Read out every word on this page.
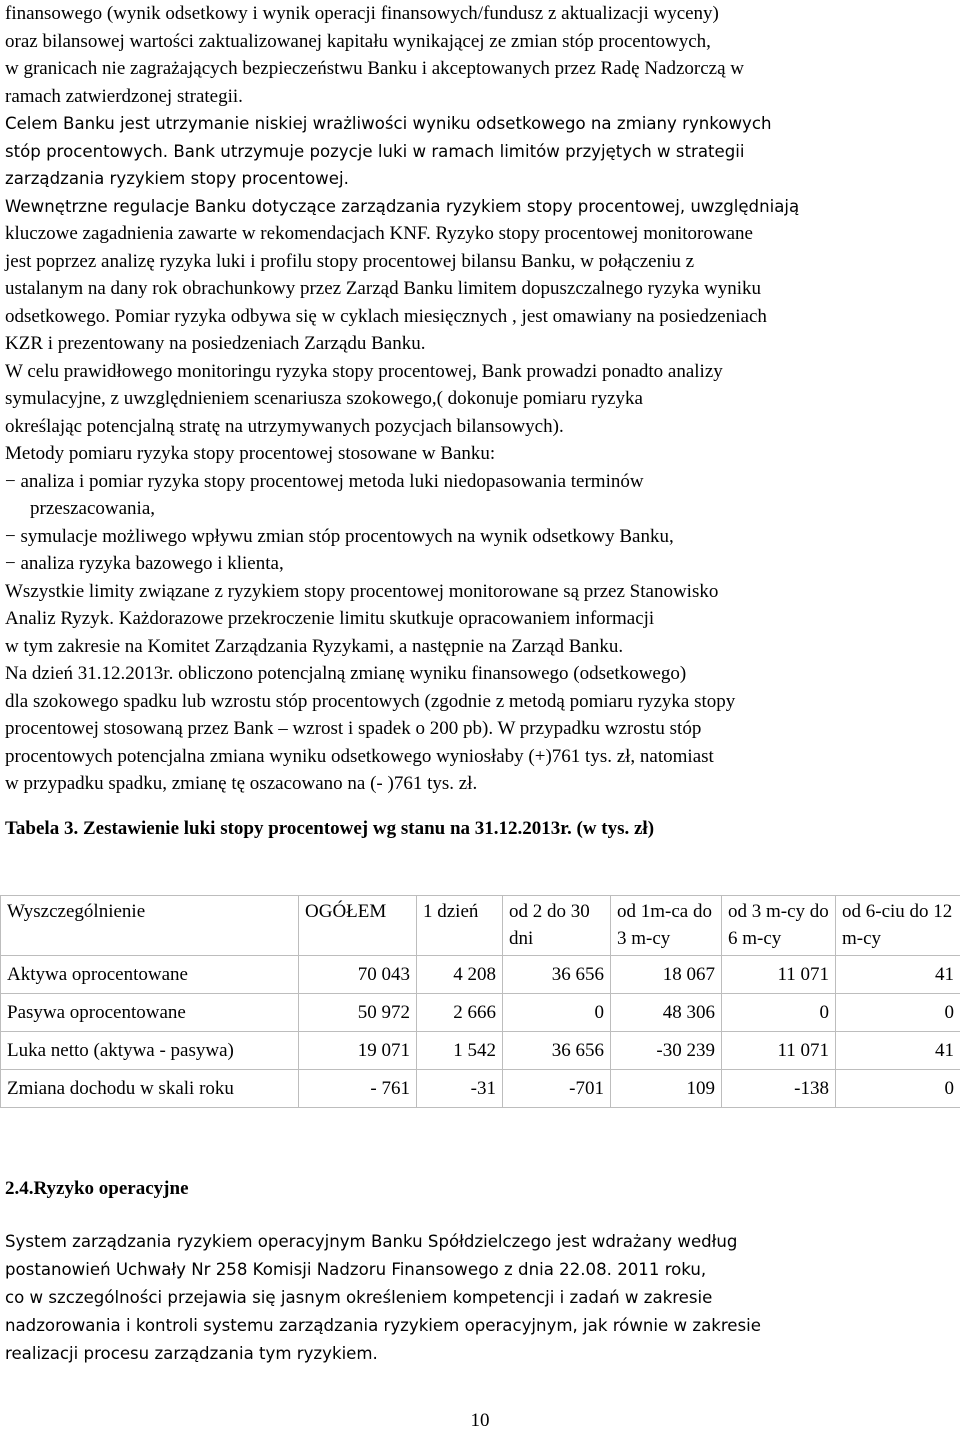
finansowego (wynik odsetkowy i wynik operacji finansowych/fundusz z aktualizacji wyceny)
oraz bilansowej wartości zaktualizowanej kapitału wynikającej ze zmian stóp procentowych,
w granicach nie zagrażających bezpieczeństwu Banku i akceptowanych przez Radę Nadzorczą w
ramach zatwierdzonej strategii.
Celem Banku jest utrzymanie niskiej wrażliwości wyniku odsetkowego na zmiany rynkowych
stóp procentowych. Bank utrzymuje pozycje luki w ramach limitów przyjętych w strategii
zarządzania ryzykiem stopy procentowej.
Wewnętrzne regulacje Banku dotyczące zarządzania ryzykiem stopy procentowej, uwzględniają
kluczowe zagadnienia zawarte w rekomendacjach KNF. Ryzyko stopy procentowej monitorowane
jest poprzez analizę ryzyka luki i profilu stopy procentowej bilansu Banku, w połączeniu z
ustalanym na dany rok obrachunkowy przez Zarząd Banku limitem dopuszczalnego ryzyka wyniku
odsetkowego. Pomiar ryzyka odbywa się w cyklach miesięcznych , jest omawiany na posiedzeniach
KZR i prezentowany na posiedzeniach Zarządu Banku.
W celu prawidłowego monitoringu ryzyka stopy procentowej, Bank prowadzi ponadto analizy
symulacyjne, z uwzględnieniem scenariusza szokowego,( dokonuje pomiaru ryzyka
określając potencjalną stratę na utrzymywanych pozycjach bilansowych).
Metody pomiaru ryzyka stopy procentowej stosowane w Banku:
− analiza i pomiar ryzyka stopy procentowej metoda luki niedopasowania terminów
przeszacowania,
− symulacje możliwego wpływu zmian stóp procentowych na wynik odsetkowy Banku,
− analiza ryzyka bazowego i klienta,
Wszystkie limity związane z ryzykiem stopy procentowej monitorowane są przez Stanowisko
Analiz Ryzyk. Każdorazowe przekroczenie limitu skutkuje opracowaniem informacji
w tym zakresie na Komitet Zarządzania Ryzykami, a następnie na Zarząd Banku.
Na dzień 31.12.2013r. obliczono potencjalną zmianę wyniku finansowego (odsetkowego)
dla szokowego spadku lub wzrostu stóp procentowych (zgodnie z metodą pomiaru ryzyka stopy
procentowej stosowaną przez Bank – wzrost i spadek o 200 pb). W przypadku wzrostu stóp
procentowych potencjalna zmiana wyniku odsetkowego wyniosłaby (+)761 tys. zł, natomiast
w przypadku spadku, zmianę tę oszacowano na (- )761 tys. zł.
Tabela 3. Zestawienie luki stopy procentowej wg stanu na 31.12.2013r. (w tys. zł)
Wyszczególnienie	OGÓŁEM	1 dzień	od 2 do 30 dni	od 1m-ca do 3 m-cy	od 3 m-cy do 6 m-cy	od 6-ciu do 12 m-cy
Aktywa oprocentowane	70 043	4 208	36 656	18 067	11 071	41
Pasywa oprocentowane	50 972	2 666	0	48 306	0	0
Luka netto (aktywa - pasywa)	19 071	1 542	36 656	-30 239	11 071	41
Zmiana dochodu w skali roku	- 761	-31	-701	109	-138	0
2.4.Ryzyko operacyjne
System zarządzania ryzykiem operacyjnym Banku Spółdzielczego jest wdrażany według
postanowień Uchwały Nr 258 Komisji Nadzoru Finansowego z dnia 22.08. 2011 roku,
co w szczególności przejawia się jasnym określeniem kompetencji i zadań w zakresie
nadzorowania i kontroli systemu zarządzania ryzykiem operacyjnym, jak równie w zakresie
realizacji procesu zarządzania tym ryzykiem.
10
